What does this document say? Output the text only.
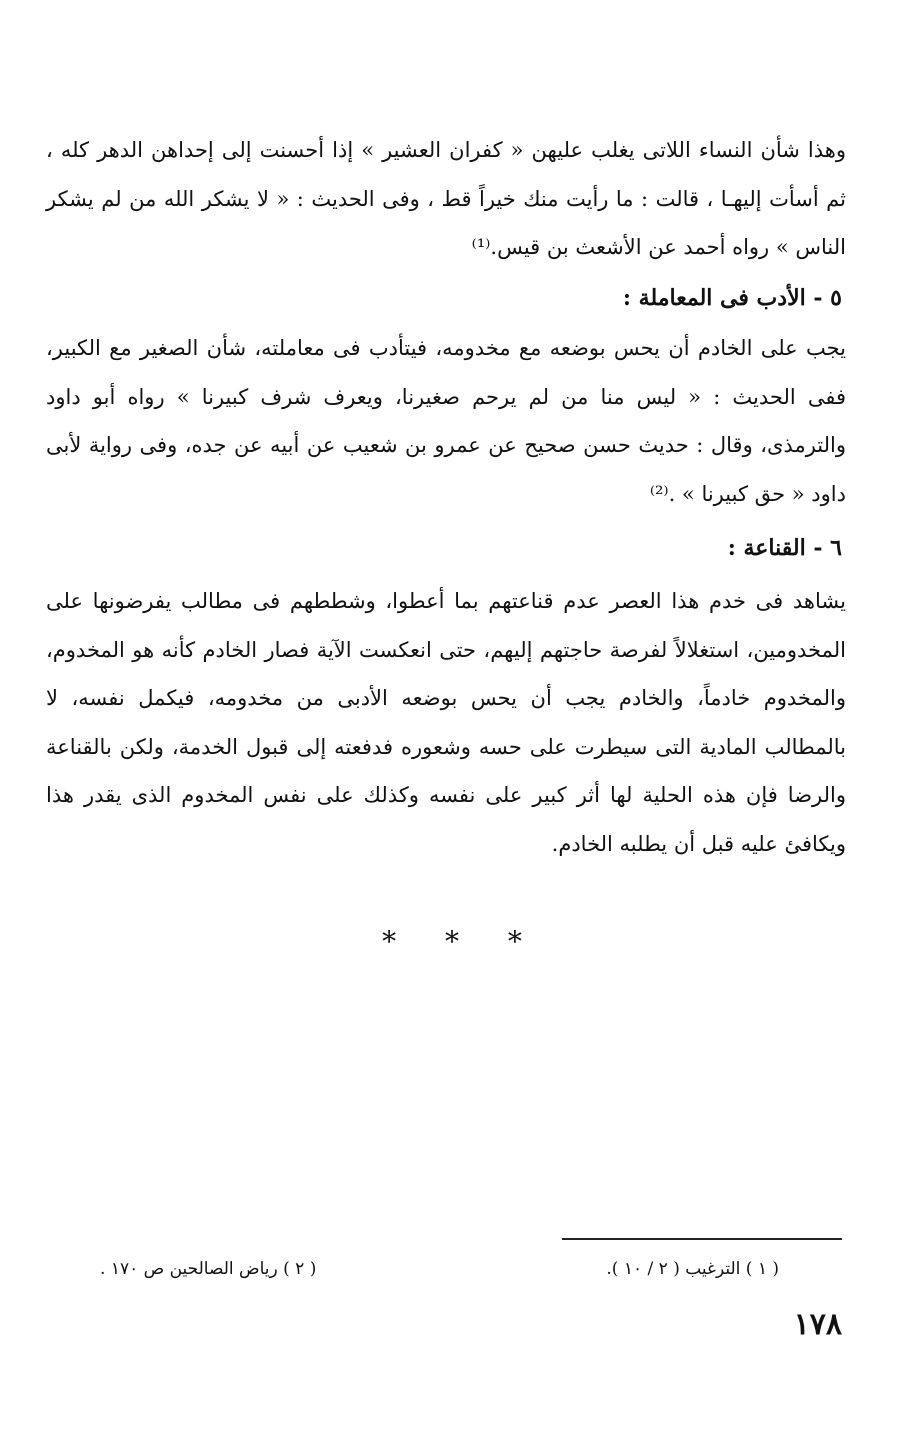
وهذا شأن النساء اللاتى يغلب عليهن « كفران العشير » إذا أحسنت إلى إحداهن الدهر كله ، ثم أسأت إليهـا ، قالت : ما رأيت منك خيراً قط ، وفى الحديث : « لا يشكر الله من لم يشكر الناس » رواه أحمد عن الأشعث بن قيس.⁽¹⁾

٥ - الأدب فى المعاملة :

يجب على الخادم أن يحس بوضعه مع مخدومه، فيتأدب فى معاملته، شأن الصغير مع الكبير، ففى الحديث : « ليس منا من لم يرحم صغيرنا، ويعرف شرف كبيرنا » رواه أبو داود والترمذى، وقال : حديث حسن صحيح عن عمرو بن شعيب عن أبيه عن جده، وفى رواية لأبى داود « حق كبيرنا » .⁽²⁾

٦ - القناعة :

يشاهد فى خدم هذا العصر عدم قناعتهم بما أعطوا، وشططهم فى مطالب يفرضونها على المخدومين، استغلالاً لفرصة حاجتهم إليهم، حتى انعكست الآية فصار الخادم كأنه هو المخدوم، والمخدوم خادماً، والخادم يجب أن يحس بوضعه الأدبى من مخدومه، فيكمل نفسه، لا بالمطالب المادية التى سيطرت على حسه وشعوره فدفعته إلى قبول الخدمة، ولكن بالقناعة والرضا فإن هذه الحلية لها أثر كبير على نفسه وكذلك على نفس المخدوم الذى يقدر هذا ويكافئ عليه قبل أن يطلبه الخادم.

* * *
( ١ ) الترغيب ( ٢ / ١٠ ).
( ٢ ) رياض الصالحين ص ١٧٠ .
١٧٨
